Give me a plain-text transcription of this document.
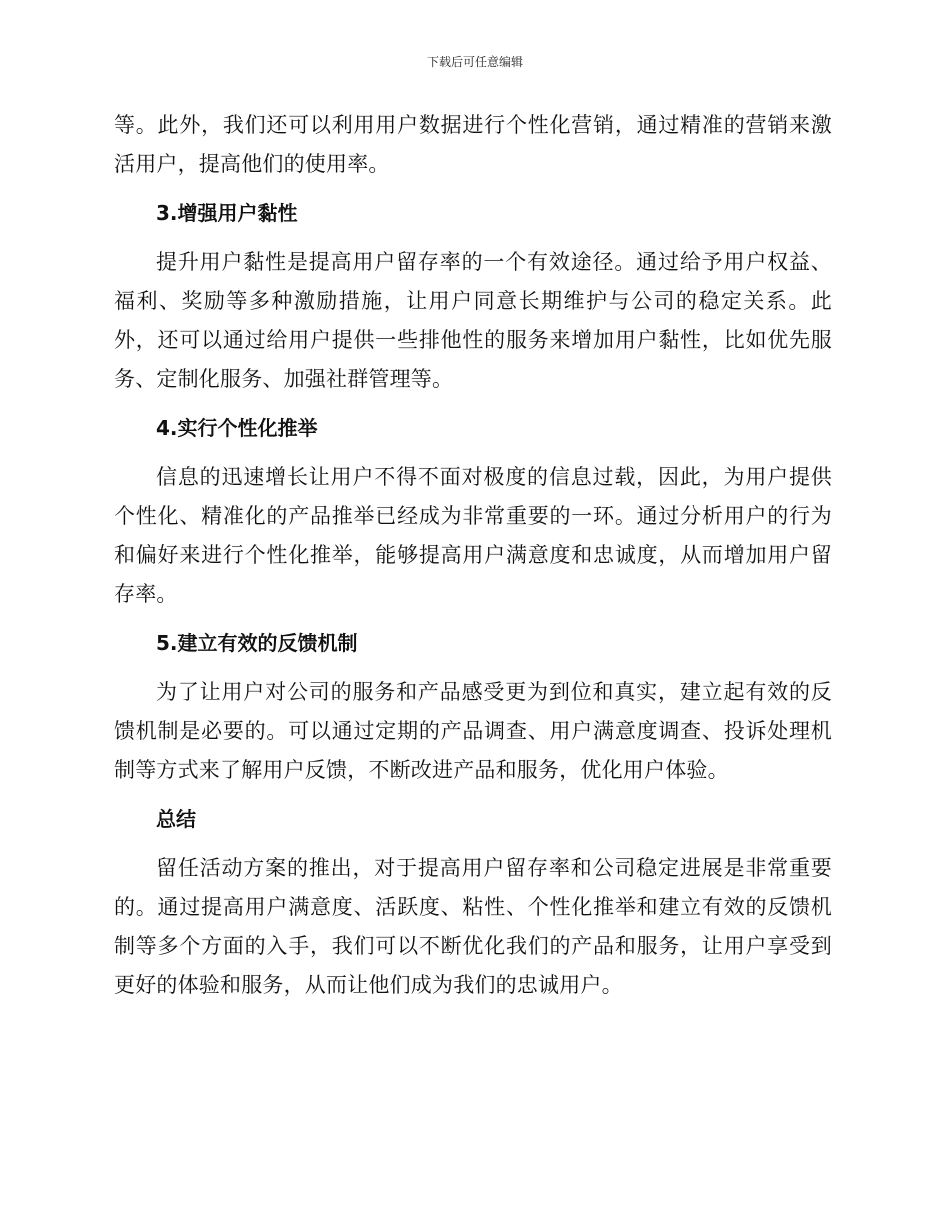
下载后可任意编辑

等。此外，我们还可以利用用户数据进行个性化营销，通过精准的营销来激活用户，提高他们的使用率。

3.增强用户黏性

提升用户黏性是提高用户留存率的一个有效途径。通过给予用户权益、福利、奖励等多种激励措施，让用户同意长期维护与公司的稳定关系。此外，还可以通过给用户提供一些排他性的服务来增加用户黏性，比如优先服务、定制化服务、加强社群管理等。

4.实行个性化推举

信息的迅速增长让用户不得不面对极度的信息过载，因此，为用户提供个性化、精准化的产品推举已经成为非常重要的一环。通过分析用户的行为和偏好来进行个性化推举，能够提高用户满意度和忠诚度，从而增加用户留存率。

5.建立有效的反馈机制

为了让用户对公司的服务和产品感受更为到位和真实，建立起有效的反馈机制是必要的。可以通过定期的产品调查、用户满意度调查、投诉处理机制等方式来了解用户反馈，不断改进产品和服务，优化用户体验。

总结

留任活动方案的推出，对于提高用户留存率和公司稳定进展是非常重要的。通过提高用户满意度、活跃度、粘性、个性化推举和建立有效的反馈机制等多个方面的入手，我们可以不断优化我们的产品和服务，让用户享受到更好的体验和服务，从而让他们成为我们的忠诚用户。
